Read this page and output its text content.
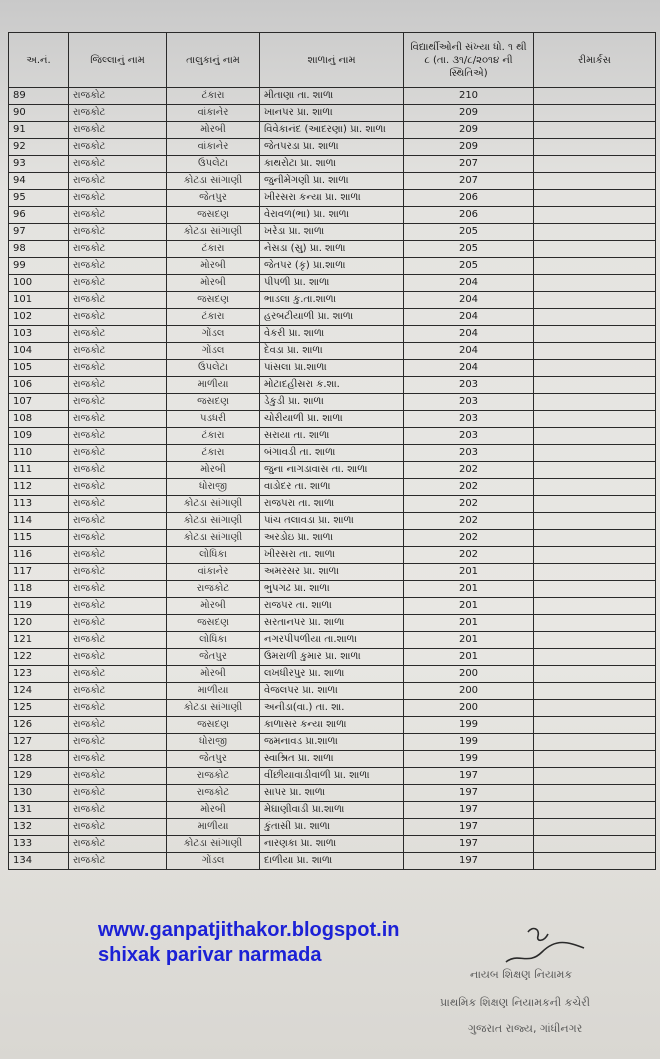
અ.નં.	જિલ્લાનું નામ	તાલુકાનું નામ	શાળાનું નામ	વિદ્યાર્થીઓની સંખ્યા ધો. ૧ થી ૮ (તા. ૩૧/૮/૨૦૧૪ ની સ્થિતિએ)	રીમાર્કસ
89	રાજકોટ	ટંકારા	મીતાણા તા. શાળા	210	
90	રાજકોટ	વાંકાનેર	ખાનપર પ્રા. શાળા	209	
91	રાજકોટ	મોરબી	વિવેકાનંદ (આદરણા) પ્રા. શાળા	209	
92	રાજકોટ	વાંકાનેર	જેતપરડા પ્રા. શાળા	209	
93	રાજકોટ	ઉપલેટા	કાથરોટા પ્રા. શાળા	207	
94	રાજકોટ	કોટડા સાંગાણી	જુનીમેંગણી પ્રા. શાળા	207	
95	રાજકોટ	જેતપુર	ખીરસરા કન્યા પ્રા. શાળા	206	
96	રાજકોટ	જસદણ	વેરાવળ(ભા) પ્રા. શાળા	206	
97	રાજકોટ	કોટડા સાંગાણી	ખરેડા પ્રા. શાળા	205	
98	રાજકોટ	ટંકારા	નેસડા (સુ) પ્રા. શાળા	205	
99	રાજકોટ	મોરબી	જેતપર (કૃ) પ્રા.શાળા	205	
100	રાજકોટ	મોરબી	પીપળી પ્રા. શાળા	204	
101	રાજકોટ	જસદણ	ભાડલા કુ.તા.શાળા	204	
102	રાજકોટ	ટંકારા	હરબટીયાળી પ્રા. શાળા	204	
103	રાજકોટ	ગોંડલ	વેકરી પ્રા. શાળા	204	
104	રાજકોટ	ગોંડલ	દેવડા પ્રા. શાળા	204	
105	રાજકોટ	ઉપલેટા	પાંસલા પ્રા.શાળા	204	
106	રાજકોટ	માળીયા	મોટાદહીસરા ક.શા.	203	
107	રાજકોટ	જસદણ	ડેકુડી પ્રા. શાળા	203	
108	રાજકોટ	પડધરી	ચોરીયાળી પ્રા. શાળા	203	
109	રાજકોટ	ટંકારા	સરાયા તા. શાળા	203	
110	રાજકોટ	ટંકારા	બંગાવડી તા. શાળા	203	
111	રાજકોટ	મોરબી	જુના નાગડાવાસ તા. શાળા	202	
112	રાજકોટ	ધોરાજી	વાડોદર તા. શાળા	202	
113	રાજકોટ	કોટડા સાંગાણી	રાજપરા તા. શાળા	202	
114	રાજકોટ	કોટડા સાંગાણી	પાંચ તલાવડા પ્રા. શાળા	202	
115	રાજકોટ	કોટડા સાંગાણી	અરડોઇ પ્રા. શાળા	202	
116	રાજકોટ	લોધિકા	ખીરસરા તા. શાળા	202	
117	રાજકોટ	વાંકાનેર	અમરસર પ્રા. શાળા	201	
118	રાજકોટ	રાજકોટ	ભુપગઢ પ્રા. શાળા	201	
119	રાજકોટ	મોરબી	રાજપર તા. શાળા	201	
120	રાજકોટ	જસદણ	સરતાનપર પ્રા. શાળા	201	
121	રાજકોટ	લોધિકા	નગરપીપળીયા તા.શાળા	201	
122	રાજકોટ	જેતપુર	ઉમરાળી કુમાર પ્રા. શાળા	201	
123	રાજકોટ	મોરબી	લખધીરપુર પ્રા. શાળા	200	
124	રાજકોટ	માળીયા	વેજલપર પ્રા. શાળા	200	
125	રાજકોટ	કોટડા સાંગાણી	અનીડા(વા.) તા. શા.	200	
126	રાજકોટ	જસદણ	કાળાસર કન્યા શાળા	199	
127	રાજકોટ	ધોરાજી	જમનાવડ પ્રા.શાળા	199	
128	રાજકોટ	જેતપુર	સ્વાશ્રિત પ્રા. શાળા	199	
129	રાજકોટ	રાજકોટ	વીંછીયાવાડીવાળી પ્રા. શાળા	197	
130	રાજકોટ	રાજકોટ	સાપર પ્રા. શાળા	197	
131	રાજકોટ	મોરબી	મેઘાણીવાડી પ્રા.શાળા	197	
132	રાજકોટ	માળીયા	કુંતાસી પ્રા. શાળા	197	
133	રાજકોટ	કોટડા સાંગાણી	નારણકા પ્રા. શાળા	197	
134	રાજકોટ	ગોંડલ	દાળીયા પ્રા. શાળા	197	
www.ganpatjithakor.blogspot.in
shixak parivar narmada
નાયબ શિક્ષણ નિયામક
પ્રાથમિક શિક્ષણ નિયામકની કચેરી
ગુજરાત રાજ્ય, ગાંધીનગર
